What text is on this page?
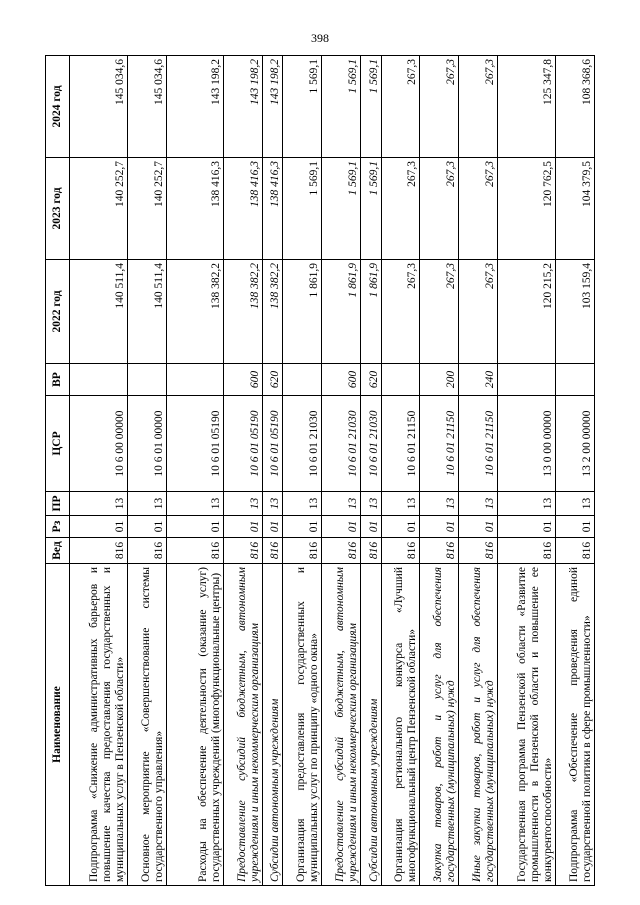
398
Наименование	Вед	Рз	ПР	ЦСР	ВР	2022 год	2023 год	2024 год
Подпрограмма «Снижение административных барьеров и повышение качества предоставления государственных и муниципальных услуг в Пензенской области»	816	01	13	10 6 00 00000		140 511,4	140 252,7	145 034,6
Основное мероприятие «Совершенствование системы государственного управления»	816	01	13	10 6 01 00000		140 511,4	140 252,7	145 034,6
Расходы на обеспечение деятельности (оказание услуг) государственных учреждений (многофункциональные центры)	816	01	13	10 6 01 05190		138 382,2	138 416,3	143 198,2
Предоставление субсидий бюджетным, автономным учреждениям и иным некоммерческим организациям	816	01	13	10 6 01 05190	600	138 382,2	138 416,3	143 198,2
Субсидии автономным учреждениям	816	01	13	10 6 01 05190	620	138 382,2	138 416,3	143 198,2
Организация предоставления государственных и муниципальных услуг по принципу «одного окна»	816	01	13	10 6 01 21030		1 861,9	1 569,1	1 569,1
Предоставление субсидий бюджетным, автономным учреждениям и иным некоммерческим организациям	816	01	13	10 6 01 21030	600	1 861,9	1 569,1	1 569,1
Субсидии автономным учреждениям	816	01	13	10 6 01 21030	620	1 861,9	1 569,1	1 569,1
Организация регионального конкурса «Лучший многофункциональный центр Пензенской области»	816	01	13	10 6 01 21150		267,3	267,3	267,3
Закупка товаров, работ и услуг для обеспечения государственных (муниципальных) нужд	816	01	13	10 6 01 21150	200	267,3	267,3	267,3
Иные закупки товаров, работ и услуг для обеспечения государственных (муниципальных) нужд	816	01	13	10 6 01 21150	240	267,3	267,3	267,3
Государственная программа Пензенской области «Развитие промышленности в Пензенской области и повышение ее конкурентоспособности»	816	01	13	13 0 00 00000		120 215,2	120 762,5	125 347,8
Подпрограмма «Обеспечение проведения единой государственной политики в сфере промышленности»	816	01	13	13 2 00 00000		103 159,4	104 379,5	108 368,6
